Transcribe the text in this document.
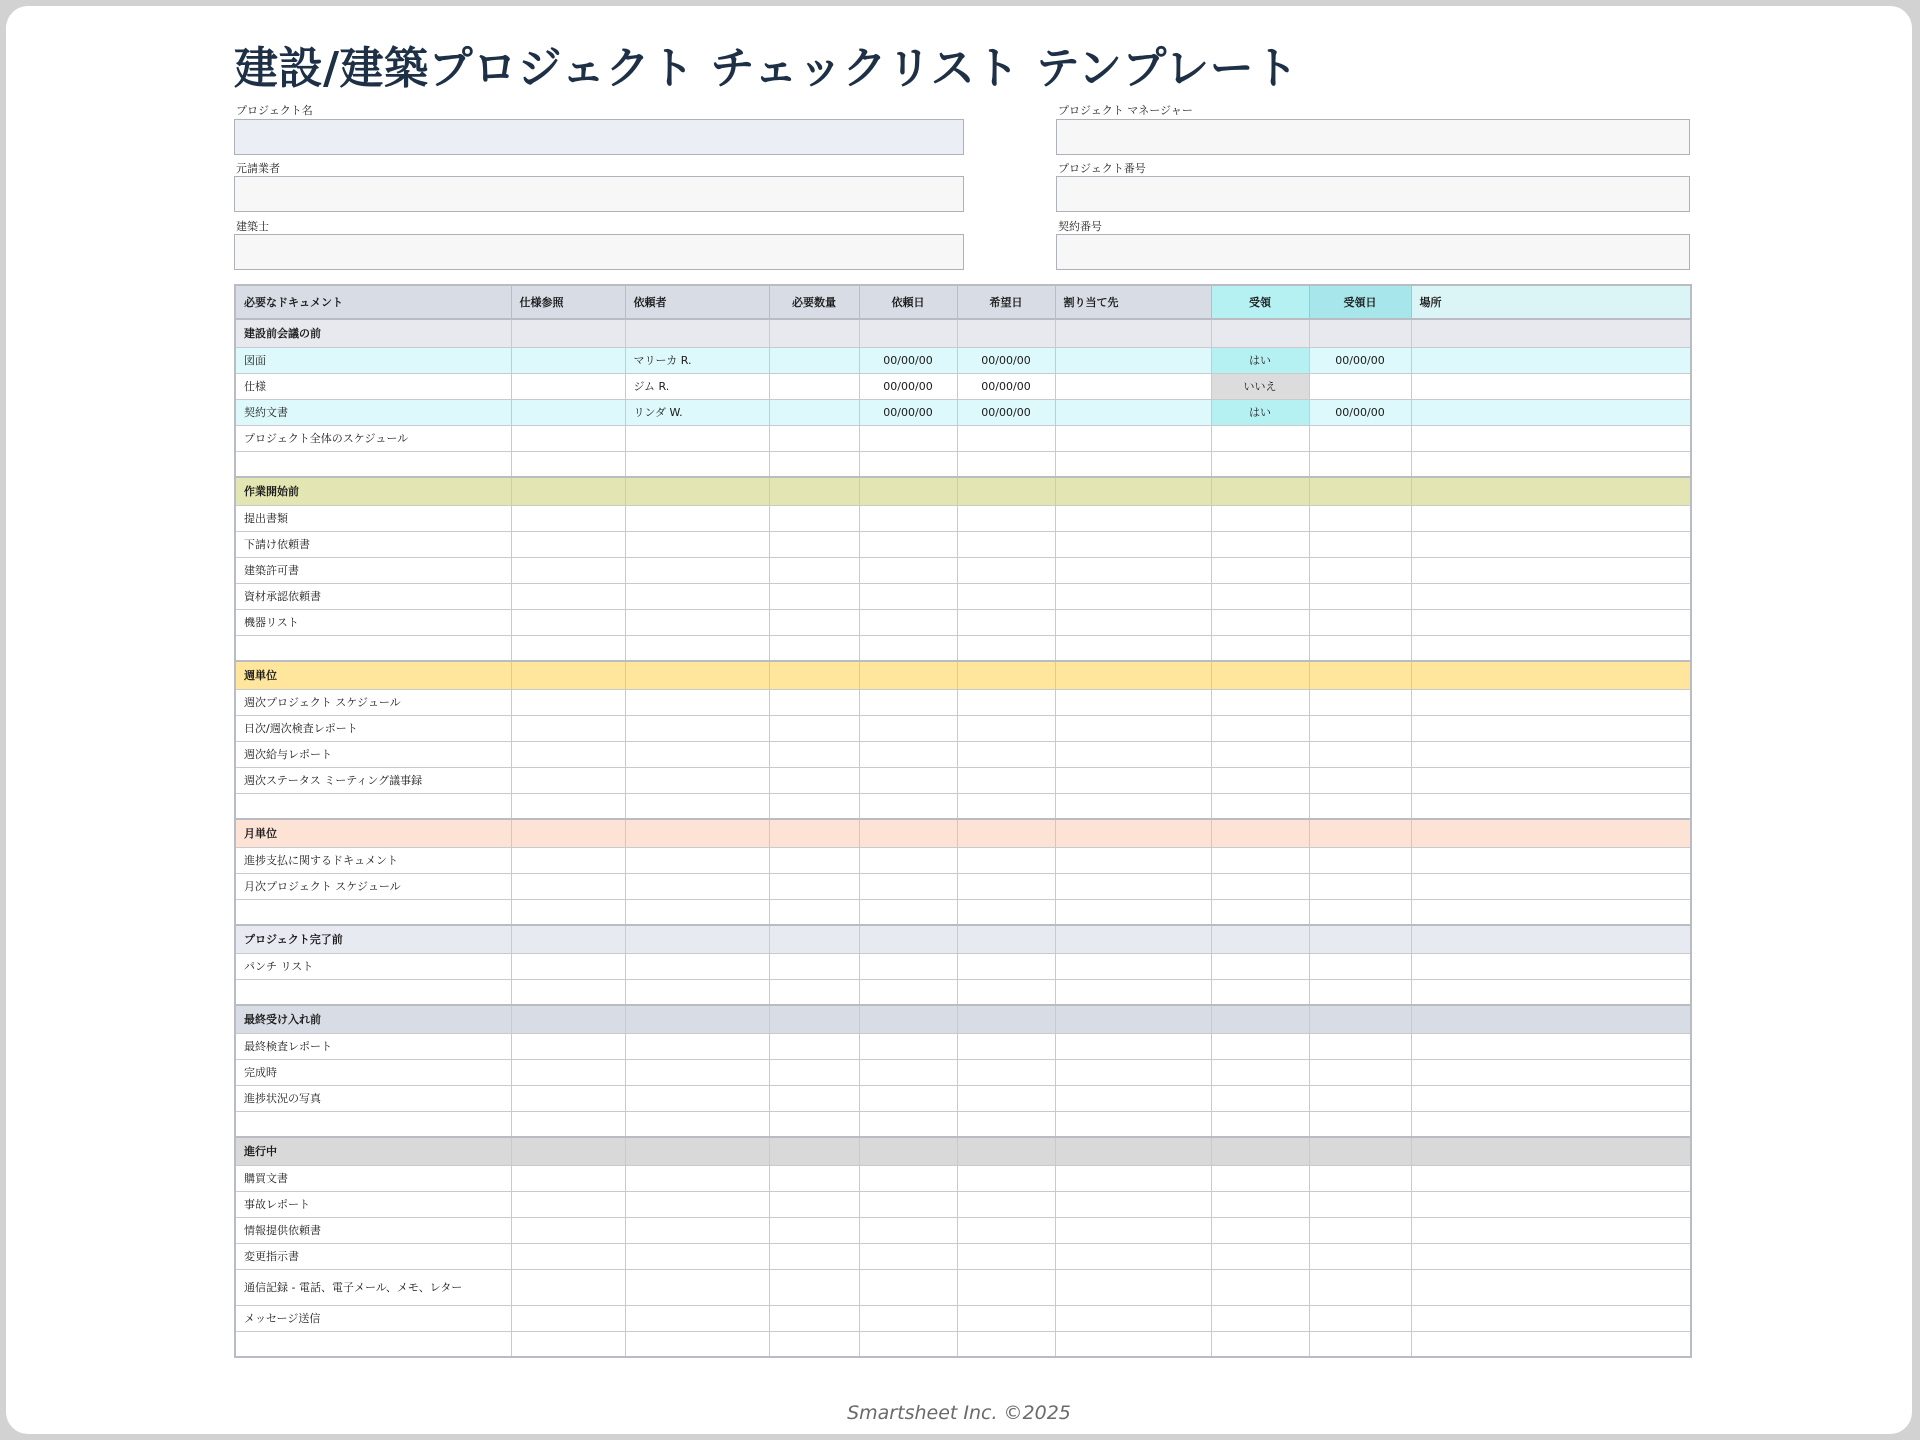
建設/建築プロジェクト チェックリスト テンプレート
プロジェクト名
元請業者
建築士
プロジェクト マネージャー
プロジェクト番号
契約番号
必要なドキュメント	仕様参照	依頼者	必要数量	依頼日	希望日	割り当て先	受領	受領日	場所
建設前会議の前									
図面		マリーカ R.		00/00/00	00/00/00		はい	00/00/00	
仕様		ジム R.		00/00/00	00/00/00		いいえ		
契約文書		リンダ W.		00/00/00	00/00/00		はい	00/00/00	
プロジェクト全体のスケジュール									

作業開始前									
提出書類									
下請け依頼書									
建築許可書									
資材承認依頼書									
機器リスト									

週単位									
週次プロジェクト スケジュール									
日次/週次検査レポート									
週次給与レポート									
週次ステータス ミーティング議事録									

月単位									
進捗支払に関するドキュメント									
月次プロジェクト スケジュール									

プロジェクト完了前									
パンチ リスト									

最終受け入れ前									
最終検査レポート									
完成時									
進捗状況の写真									

進行中									
購買文書									
事故レポート									
情報提供依頼書									
変更指示書									
通信記録 - 電話、電子メール、メモ、レター									
メッセージ送信									

Smartsheet Inc. ©2025
